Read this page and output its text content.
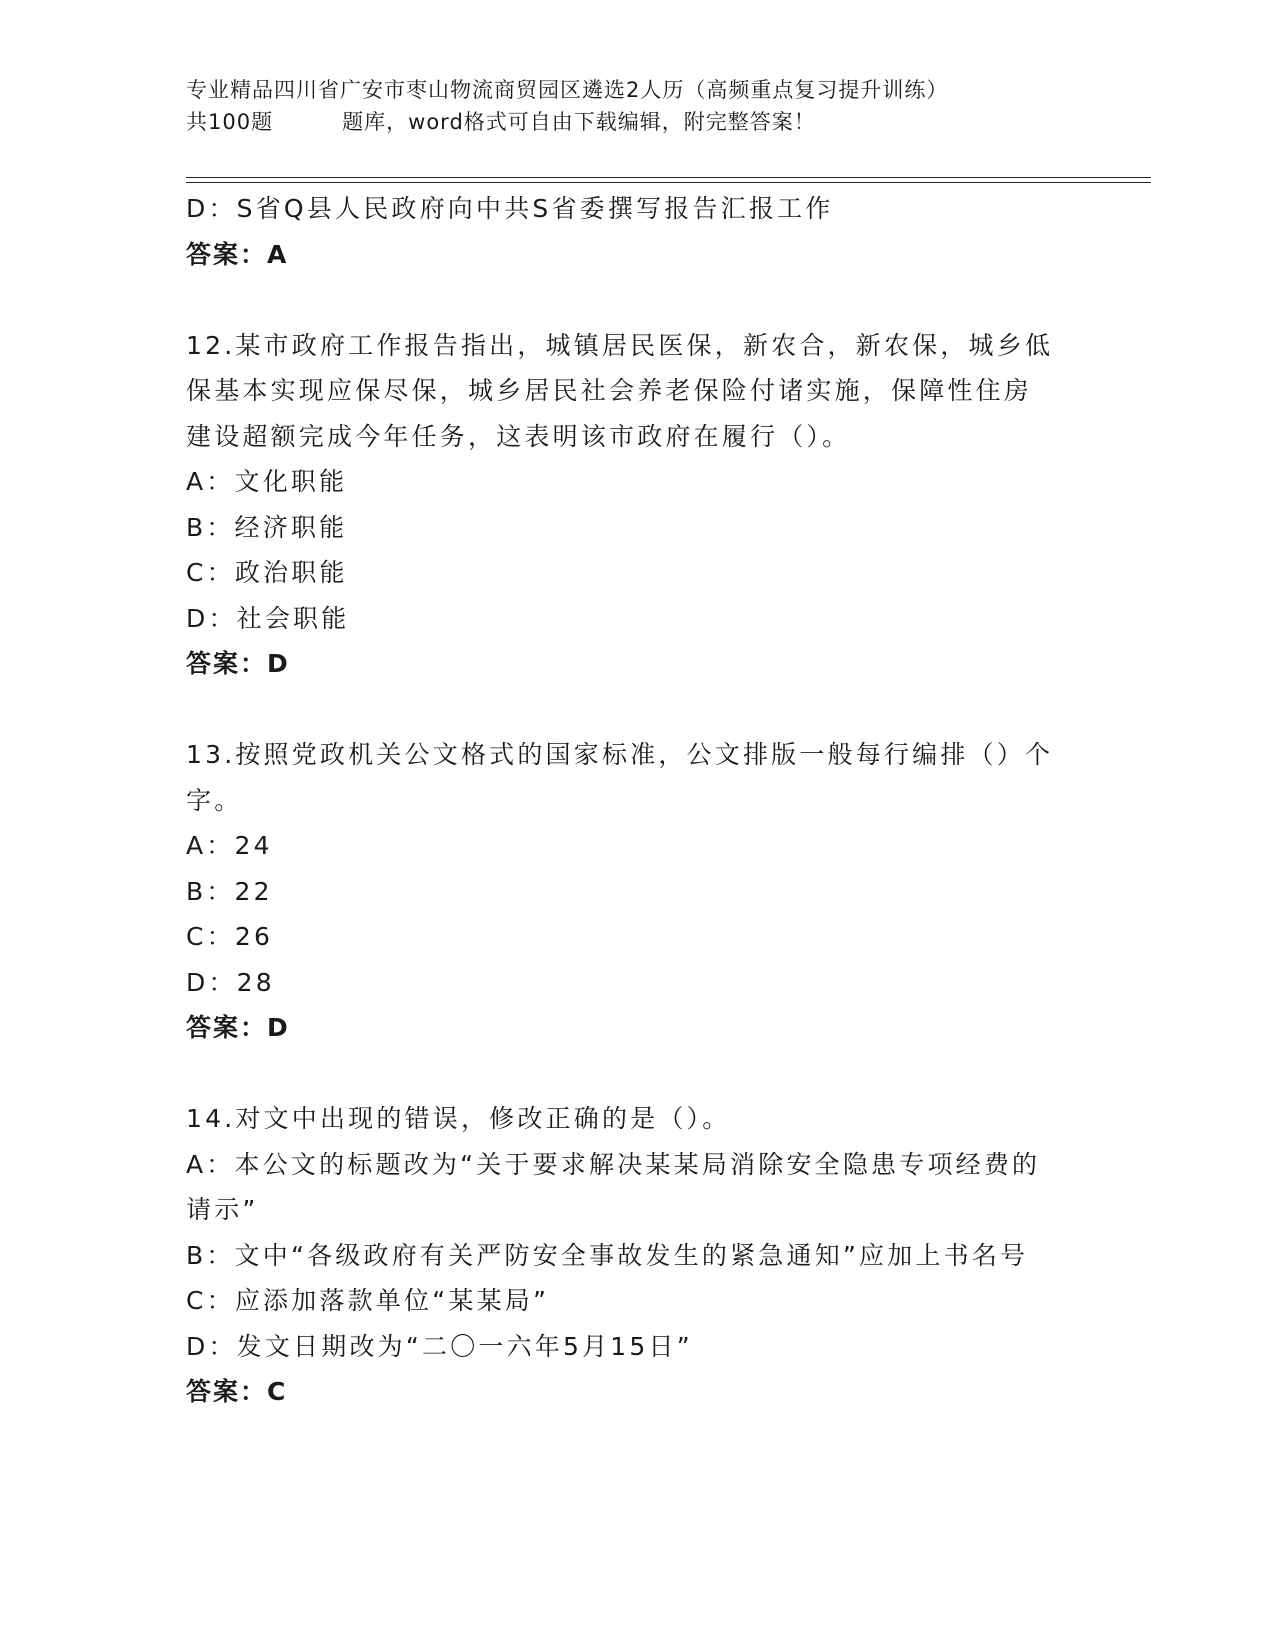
专业精品四川省广安市枣山物流商贸园区遴选2人历（高频重点复习提升训练）
共100题         题库，word格式可自由下载编辑，附完整答案！
D：S省Q县人民政府向中共S省委撰写报告汇报工作
答案：A
12.某市政府工作报告指出，城镇居民医保，新农合，新农保，城乡低
保基本实现应保尽保，城乡居民社会养老保险付诸实施，保障性住房
建设超额完成今年任务，这表明该市政府在履行（）。
A：文化职能
B：经济职能
C：政治职能
D：社会职能
答案：D
13.按照党政机关公文格式的国家标准，公文排版一般每行编排（）个
字。
A：24
B：22
C：26
D：28
答案：D
14.对文中出现的错误，修改正确的是（）。
A：本公文的标题改为“关于要求解决某某局消除安全隐患专项经费的
请示”
B：文中“各级政府有关严防安全事故发生的紧急通知”应加上书名号
C：应添加落款单位“某某局”
D：发文日期改为“二〇一六年5月15日”
答案：C
